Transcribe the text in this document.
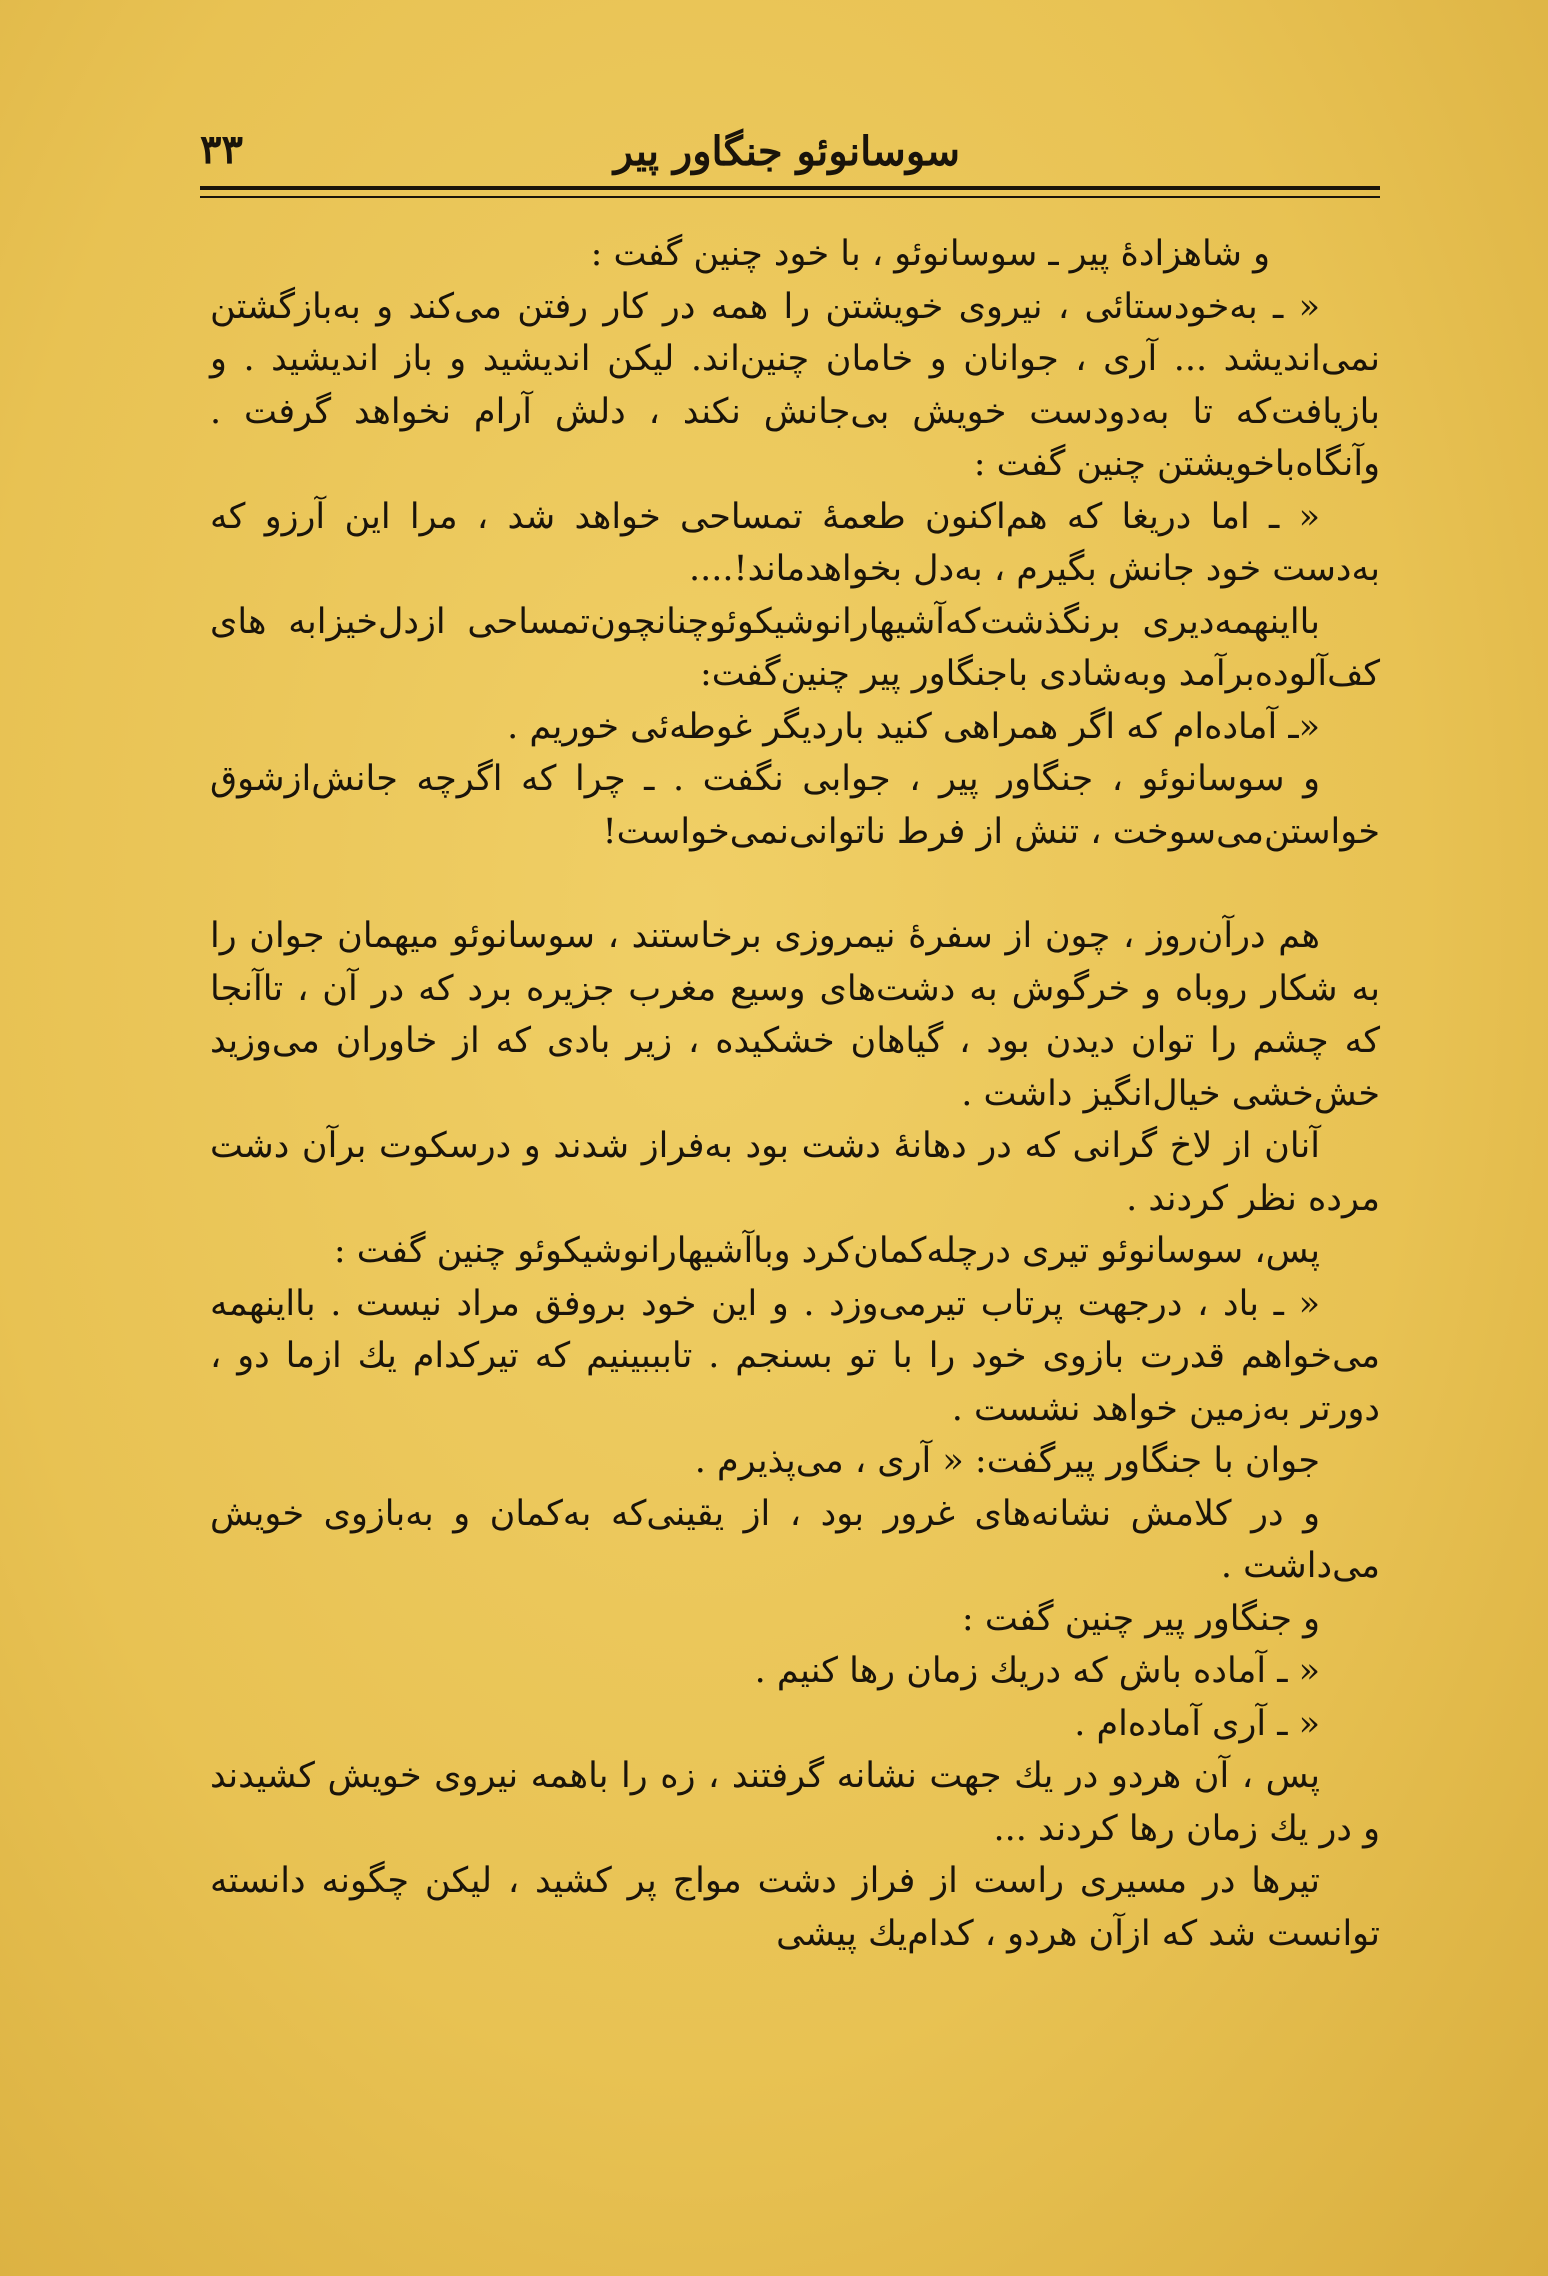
سوسانوئو جنگاور پیر
۳۳

و شاهزادهٔ پیر ـ سوسانوئو ، با خود چنین گفت :

« ـ به‌خودستائی ، نیروی خویشتن را همه در کار رفتن می‌کند و به‌بازگشتن نمی‌اندیشد ... آری ، جوانان و خامان چنین‌اند. لیکن اندیشید و باز اندیشید . و بازیافت‌که تا به‌دودست خویش بی‌جانش نکند ، دلش آرام نخواهد گرفت . وآنگاه‌باخویشتن چنین گفت :

« ـ اما دریغا که هم‌اکنون طعمهٔ تمساحی خواهد شد ، مرا این آرزو که به‌دست خود جانش بگیرم ، به‌دل بخواهدماند!....

بااینهمه‌دیری برنگذشت‌که‌آشیهارانوشیکوئوچنانچون‌تمساحی ازدل‌خیزابه های کف‌آلوده‌برآمد وبه‌شادی باجنگاور پیر چنین‌گفت:

«ـ آماده‌ام که اگر همراهی کنید باردیگر غوطه‌ئی خوریم .

و سوسانوئو ، جنگاور پیر ، جوابی نگفت . ـ چرا که اگرچه جانش‌ازشوق خواستن‌می‌سوخت ، تنش از فرط ناتوانی‌نمی‌خواست!

هم درآن‌روز ، چون از سفرهٔ نیمروزی برخاستند ، سوسانوئو میهمان جوان را به شکار روباه و خرگوش به دشت‌های وسیع مغرب جزیره برد که در آن ، تاآنجا که چشم را توان دیدن بود ، گیاهان خشکیده ، زیر بادی که از خاوران می‌وزید خش‌خشی خیال‌انگیز داشت .

آنان از لاخ گرانی که در دهانهٔ دشت بود به‌فراز شدند و درسکوت برآن دشت مرده نظر کردند .

پس، سوسانوئو تیری درچله‌کمان‌کرد وباآشیهارانوشیکوئو چنین گفت :

« ـ باد ، درجهت پرتاب تیرمی‌وزد . و این خود بروفق مراد نیست . بااینهمه می‌خواهم قدرت بازوی خود را با تو بسنجم . تابببینیم که تیرکدام یك ازما دو ، دورتر به‌زمین خواهد نشست .

جوان با جنگاور پیرگفت: « آری ، می‌پذیرم .

و در کلامش نشانه‌های غرور بود ، از یقینی‌که به‌کمان و به‌بازوی خویش می‌داشت .

و جنگاور پیر چنین گفت :

« ـ آماده باش که دریك زمان رها کنیم .

« ـ آری آماده‌ام .

پس ، آن هردو در یك جهت نشانه گرفتند ، زه را باهمه نیروی خویش کشیدند و در یك زمان رها کردند ...

تیرها در مسیری راست از فراز دشت مواج پر کشید ، لیکن چگونه دانسته توانست شد که ازآن هردو ، کدام‌یك پیشی
